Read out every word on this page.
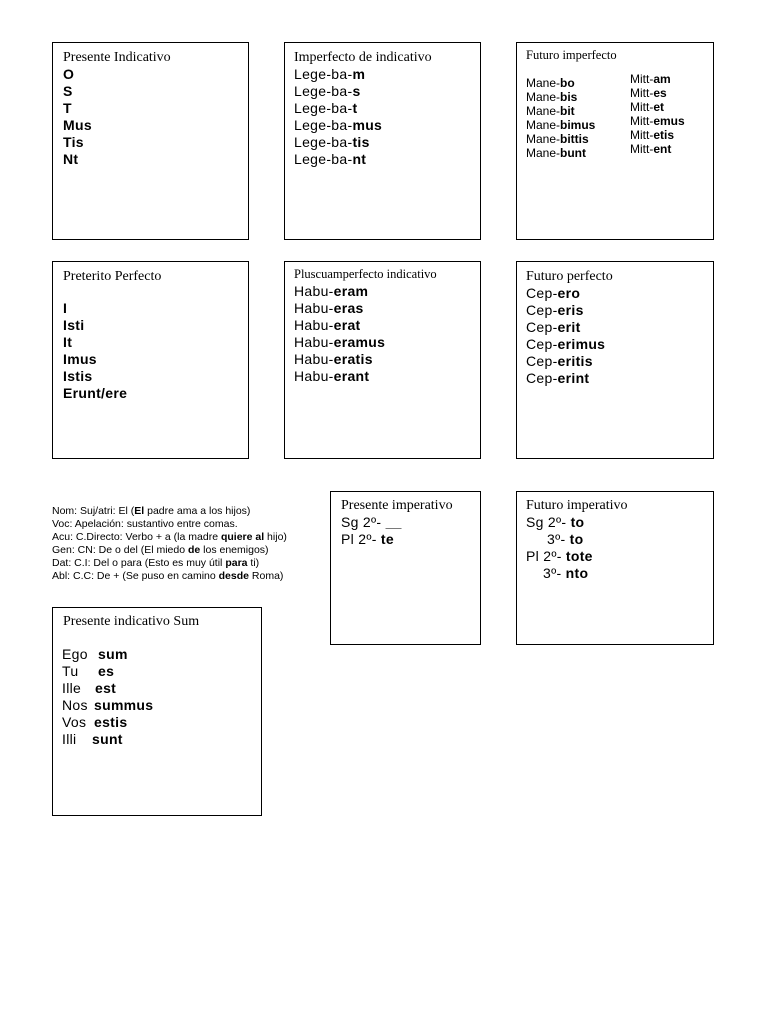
Presente Indicativo
O
S
T
Mus
Tis
Nt
Imperfecto de indicativo
Lege-ba-m
Lege-ba-s
Lege-ba-t
Lege-ba-mus
Lege-ba-tis
Lege-ba-nt
Futuro imperfecto
Mane-bo
Mane-bis
Mane-bit
Mane-bimus
Mane-bittis
Mane-bunt
Mitt-am
Mitt-es
Mitt-et
Mitt-emus
Mitt-etis
Mitt-ent
Preterito Perfecto
I
Isti
It
Imus
Istis
Erunt/ere
Pluscuamperfecto indicativo
Habu-eram
Habu-eras
Habu-erat
Habu-eramus
Habu-eratis
Habu-erant
Futuro perfecto
Cep-ero
Cep-eris
Cep-erit
Cep-erimus
Cep-eritis
Cep-erint
Nom: Suj/atri: El (El padre ama a los hijos)
Voc: Apelación: sustantivo entre comas.
Acu: C.Directo: Verbo + a (la madre quiere al hijo)
Gen: CN: De o del (El miedo de los enemigos)
Dat: C.I: Del o para (Esto es muy útil para ti)
Abl: C.C: De + (Se puso en camino desde Roma)
Presente imperativo
Sg 2º- __
Pl 2º- te
Futuro imperativo
Sg 2º- to
3º- to
Pl 2º- tote
3º- nto
Presente indicativo Sum
Ego sum
Tu es
Ille est
Nos summus
Vos estis
Illi sunt
